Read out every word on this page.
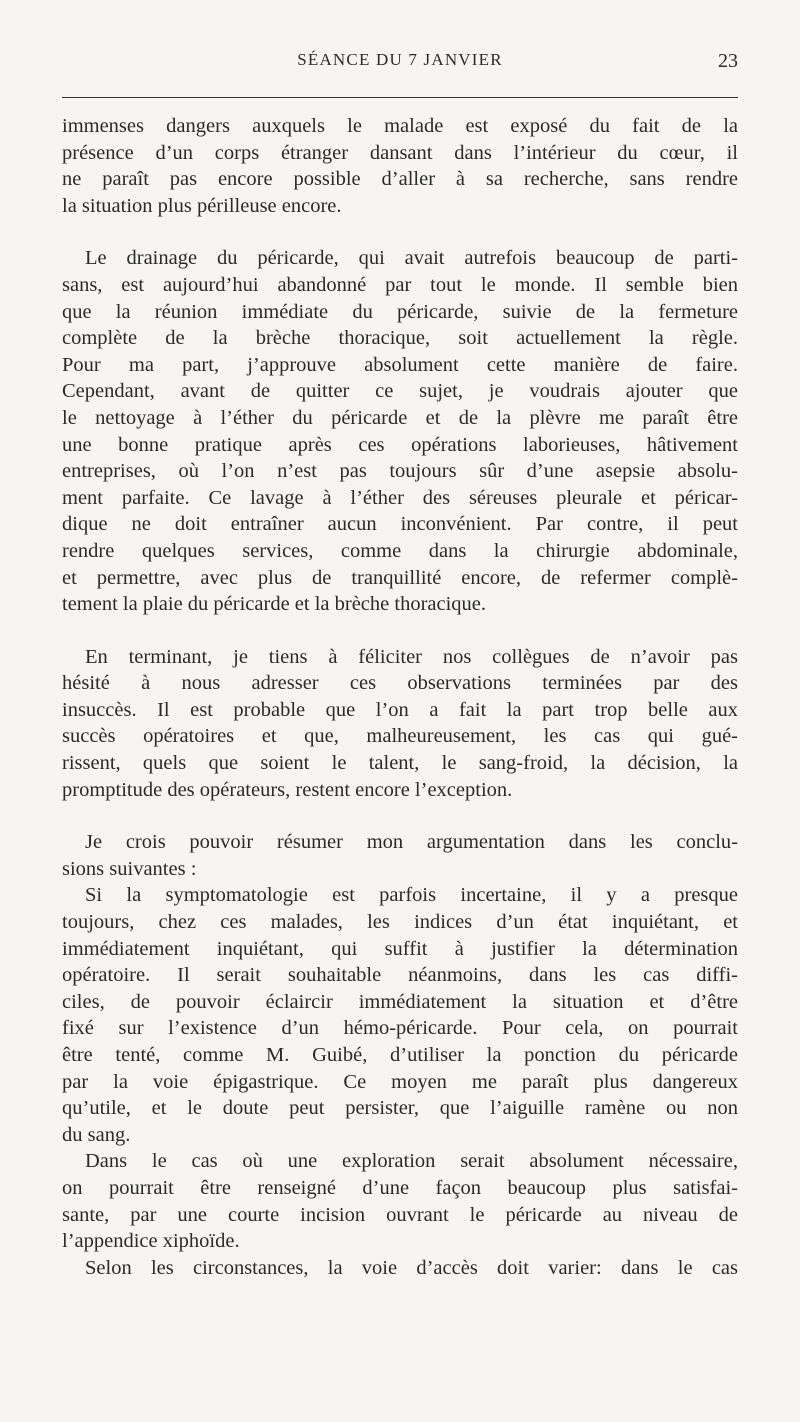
SÉANCE DU 7 JANVIER	23
immenses dangers auxquels le malade est exposé du fait de la
présence d’un corps étranger dansant dans l’intérieur du cœur, il
ne paraît pas encore possible d’aller à sa recherche, sans rendre
la situation plus périlleuse encore.
Le drainage du péricarde, qui avait autrefois beaucoup de parti-
sans, est aujourd’hui abandonné par tout le monde. Il semble bien
que la réunion immédiate du péricarde, suivie de la fermeture
complète de la brèche thoracique, soit actuellement la règle.
Pour ma part, j’approuve absolument cette manière de faire.
Cependant, avant de quitter ce sujet, je voudrais ajouter que
le nettoyage à l’éther du péricarde et de la plèvre me paraît être
une bonne pratique après ces opérations laborieuses, hâtivement
entreprises, où l’on n’est pas toujours sûr d’une asepsie absolu-
ment parfaite. Ce lavage à l’éther des séreuses pleurale et péricar-
dique ne doit entraîner aucun inconvénient. Par contre, il peut
rendre quelques services, comme dans la chirurgie abdominale,
et permettre, avec plus de tranquillité encore, de refermer complè-
tement la plaie du péricarde et la brèche thoracique.
En terminant, je tiens à féliciter nos collègues de n’avoir pas
hésité à nous adresser ces observations terminées par des
insuccès. Il est probable que l’on a fait la part trop belle aux
succès opératoires et que, malheureusement, les cas qui gué-
rissent, quels que soient le talent, le sang-froid, la décision, la
promptitude des opérateurs, restent encore l’exception.
Je crois pouvoir résumer mon argumentation dans les conclu-
sions suivantes :
Si la symptomatologie est parfois incertaine, il y a presque
toujours, chez ces malades, les indices d’un état inquiétant, et
immédiatement inquiétant, qui suffit à justifier la détermination
opératoire. Il serait souhaitable néanmoins, dans les cas diffi-
ciles, de pouvoir éclaircir immédiatement la situation et d’être
fixé sur l’existence d’un hémo-péricarde. Pour cela, on pourrait
être tenté, comme M. Guibé, d’utiliser la ponction du péricarde
par la voie épigastrique. Ce moyen me paraît plus dangereux
qu’utile, et le doute peut persister, que l’aiguille ramène ou non
du sang.
Dans le cas où une exploration serait absolument nécessaire,
on pourrait être renseigné d’une façon beaucoup plus satisfai-
sante, par une courte incision ouvrant le péricarde au niveau de
l’appendice xiphoïde.
Selon les circonstances, la voie d’accès doit varier: dans le cas
